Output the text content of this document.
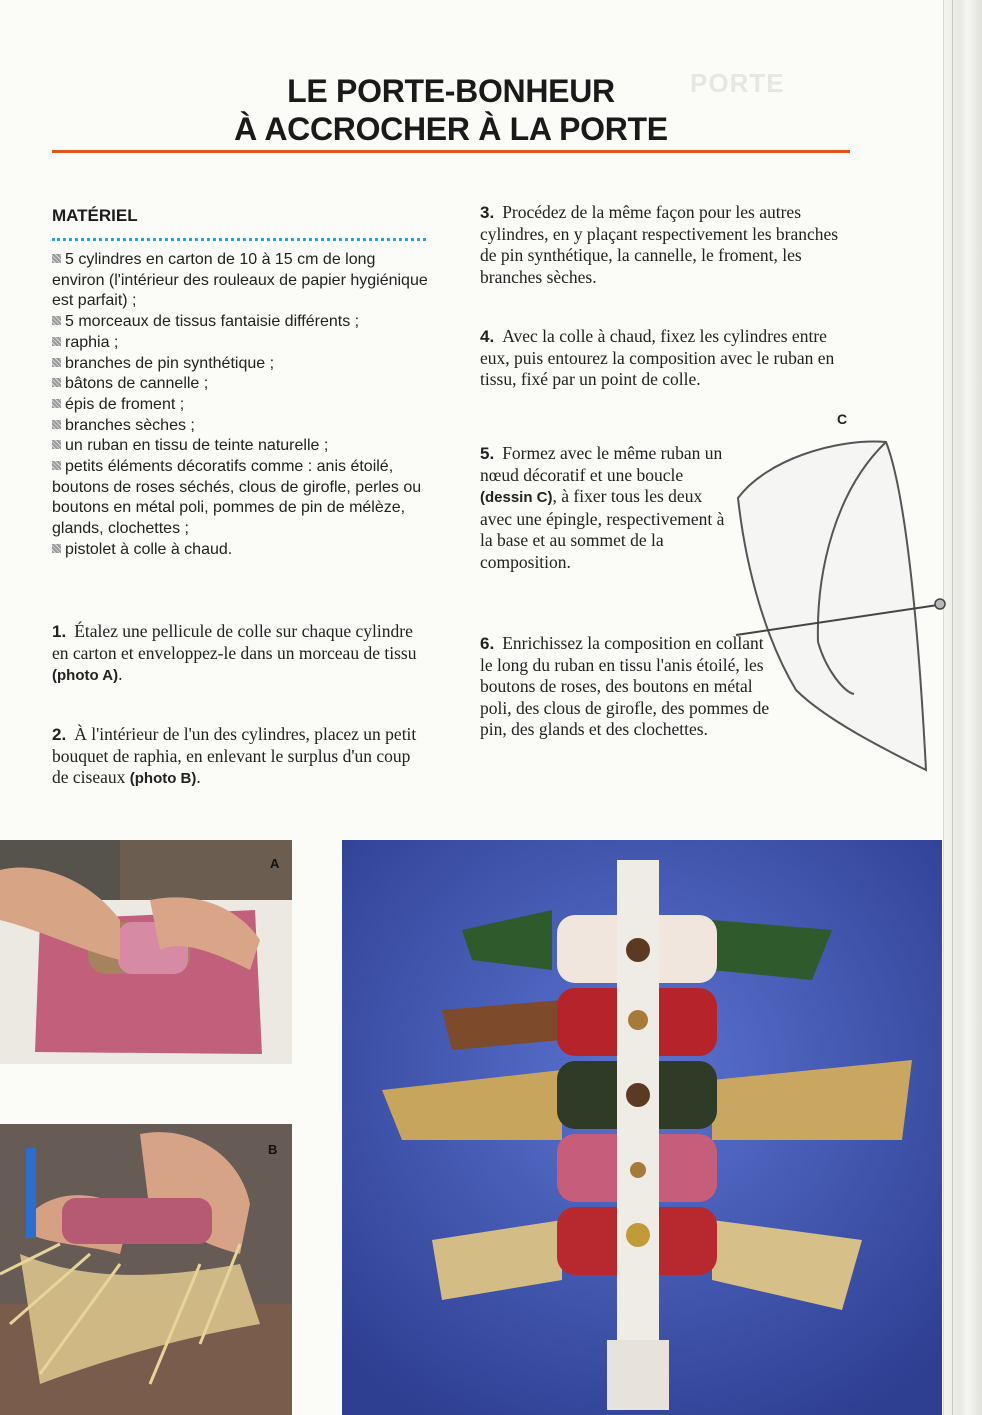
PORTE
LE PORTE-BONHEUR
À ACCROCHER À LA PORTE
MATÉRIEL
5 cylindres en carton de 10 à 15 cm de long environ (l'intérieur des rouleaux de papier hygiénique est parfait) ;
5 morceaux de tissus fantaisie différents ;
raphia ;
branches de pin synthétique ;
bâtons de cannelle ;
épis de froment ;
branches sèches ;
un ruban en tissu de teinte naturelle ;
petits éléments décoratifs comme : anis étoilé, boutons de roses séchés, clous de girofle, perles ou boutons en métal poli, pommes de pin de mélèze, glands, clochettes ;
pistolet à colle à chaud.

1. Étalez une pellicule de colle sur chaque cylindre en carton et enveloppez-le dans un morceau de tissu (photo A).

2. À l'intérieur de l'un des cylindres, placez un petit bouquet de raphia, en enlevant le surplus d'un coup de ciseaux (photo B).

3. Procédez de la même façon pour les autres cylindres, en y plaçant respectivement les branches de pin synthétique, la cannelle, le froment, les branches sèches.

4. Avec la colle à chaud, fixez les cylindres entre eux, puis entourez la composition avec le ruban en tissu, fixé par un point de colle.

5. Formez avec le même ruban un nœud décoratif et une boucle (dessin C), à fixer tous les deux avec une épingle, respectivement à la base et au sommet de la composition.

6. Enrichissez la composition en collant le long du ruban en tissu l'anis étoilé, les boutons de roses, des boutons en métal poli, des clous de girofle, des pommes de pin, des glands et des clochettes.

C
A
B
